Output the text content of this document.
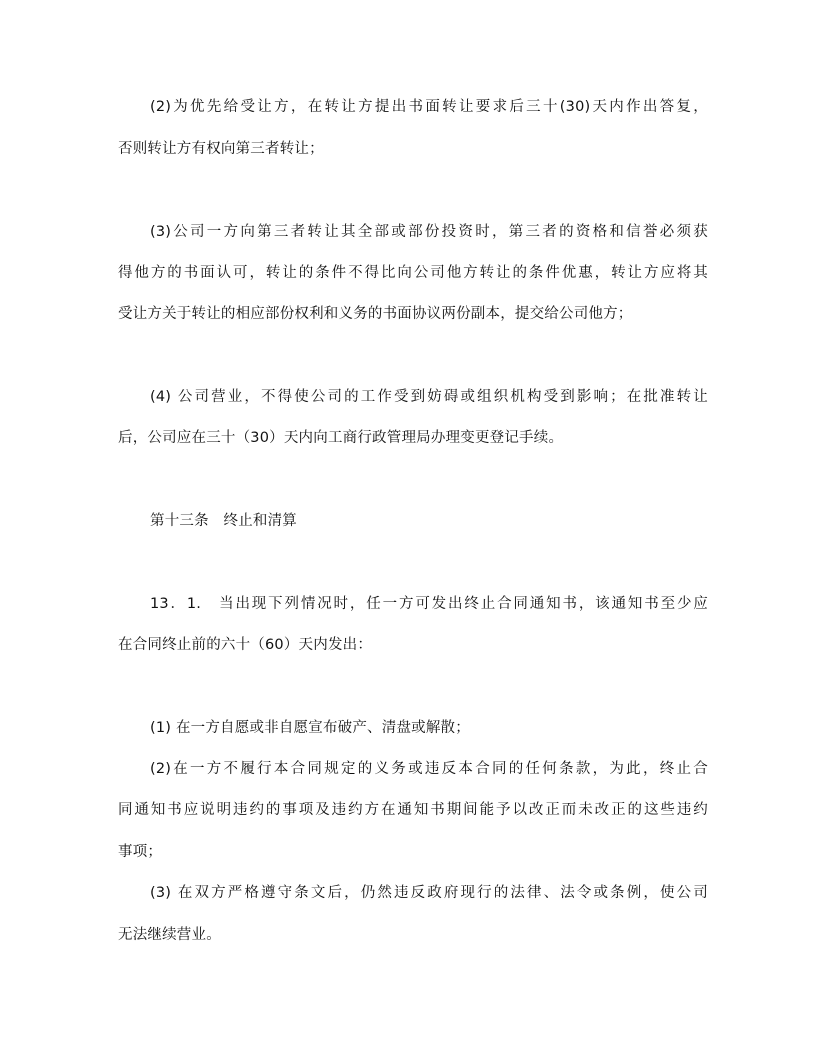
(2)为优先给受让方，在转让方提出书面转让要求后三十(30)天内作出答复，
否则转让方有权向第三者转让；
(3)公司一方向第三者转让其全部或部份投资时，第三者的资格和信誉必须获
得他方的书面认可，转让的条件不得比向公司他方转让的条件优惠，转让方应将其
受让方关于转让的相应部份权利和义务的书面协议两份副本，提交给公司他方；
(4) 公司营业，不得使公司的工作受到妨碍或组织机构受到影响；在批准转让
后，公司应在三十（30）天内向工商行政管理局办理变更登记手续。
第十三条　终止和清算
13．1.　当出现下列情况时，任一方可发出终止合同通知书，该通知书至少应
在合同终止前的六十（60）天内发出：
(1) 在一方自愿或非自愿宣布破产、清盘或解散；
(2)在一方不履行本合同规定的义务或违反本合同的任何条款，为此，终止合
同通知书应说明违约的事项及违约方在通知书期间能予以改正而未改正的这些违约
事项；
(3) 在双方严格遵守条文后，仍然违反政府现行的法律、法令或条例，使公司
无法继续营业。
